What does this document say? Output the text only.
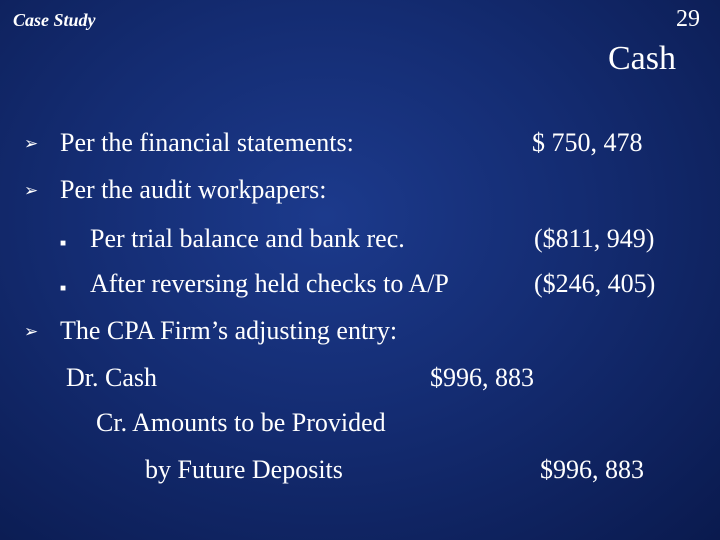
Case Study	29
Cash
➢ Per the financial statements:	$ 750, 478
➢ Per the audit workpapers:
■ Per trial balance and bank rec.	($811, 949)
■ After reversing held checks to A/P	($246, 405)
➢ The CPA Firm’s adjusting entry:
Dr. Cash	$996, 883
Cr. Amounts to be Provided
by Future Deposits	$996, 883
